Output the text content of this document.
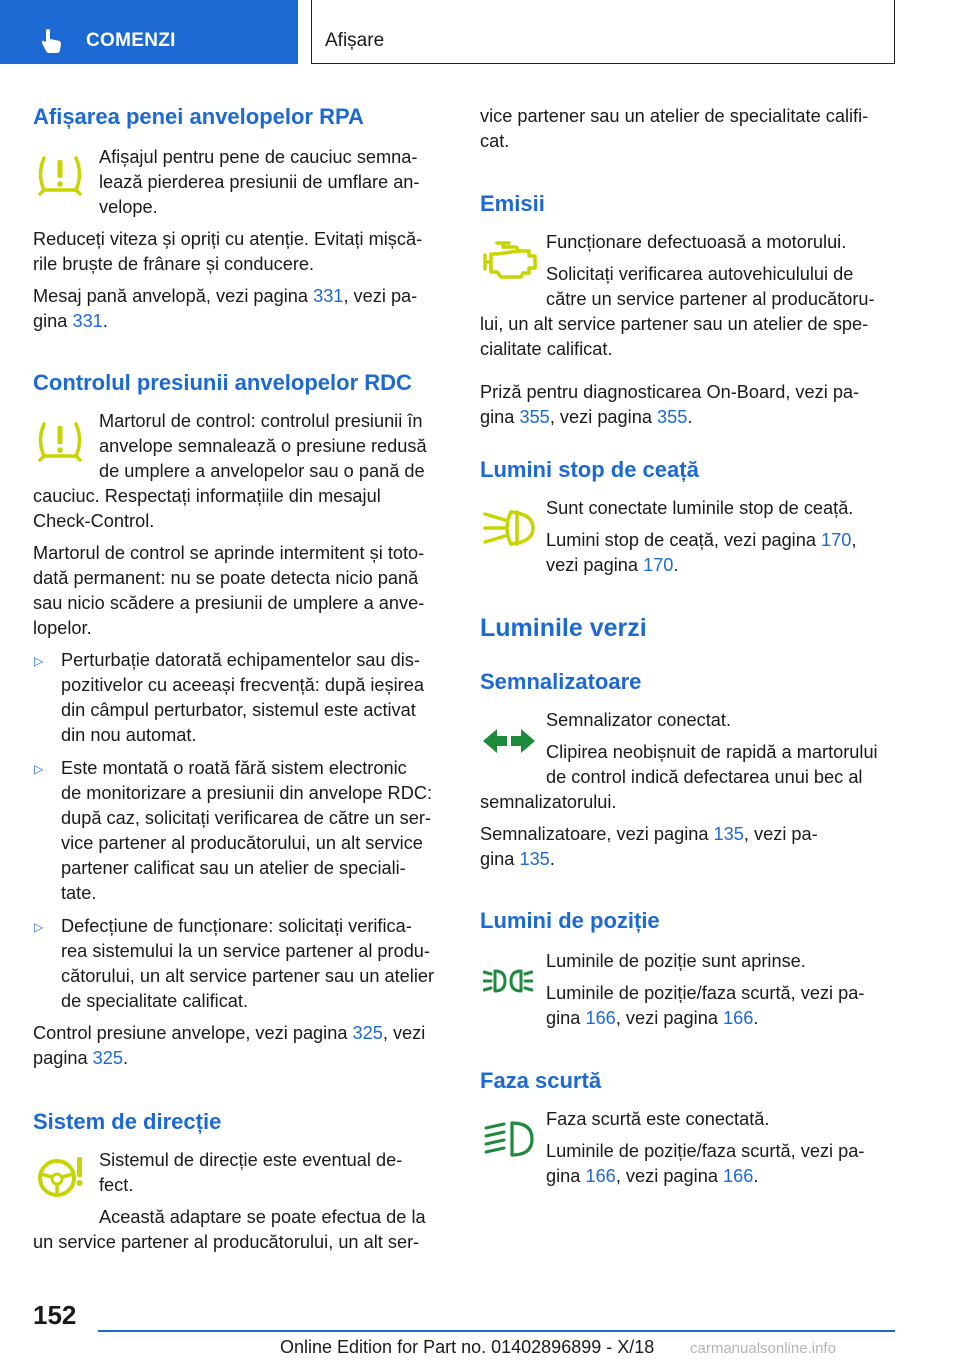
COMENZI	Afișare
Afișarea penei anvelopelor RPA
Afișajul pentru pene de cauciuc semna‐
lează pierderea presiunii de umflare an‐
velope.
Reduceți viteza și opriți cu atenție. Evitați mișcă‐
rile bruște de frânare și conducere.
Mesaj pană anvelopă, vezi pagina 331, vezi pa‐
gina 331.
Controlul presiunii anvelopelor RDC
Martorul de control: controlul presiunii în
anvelope semnalează o presiune redusă
de umplere a anvelopelor sau o pană de
cauciuc. Respectați informațiile din mesajul
Check-Control.
Martorul de control se aprinde intermitent și toto‐
dată permanent: nu se poate detecta nicio pană
sau nicio scădere a presiunii de umplere a anve‐
lopelor.
▷ Perturbație datorată echipamentelor sau dis‐
pozitivelor cu aceeași frecvență: după ieșirea
din câmpul perturbator, sistemul este activat
din nou automat.
▷ Este montată o roată fără sistem electronic
de monitorizare a presiunii din anvelope RDC:
după caz, solicitați verificarea de către un ser‐
vice partener al producătorului, un alt service
partener calificat sau un atelier de speciali‐
tate.
▷ Defecțiune de funcționare: solicitați verifica‐
rea sistemului la un service partener al produ‐
cătorului, un alt service partener sau un atelier
de specialitate calificat.
Control presiune anvelope, vezi pagina 325, vezi
pagina 325.
Sistem de direcție
Sistemul de direcție este eventual de‐
fect.
Această adaptare se poate efectua de la
un service partener al producătorului, un alt ser‐
vice partener sau un atelier de specialitate califi‐
cat.
Emisii
Funcționare defectuoasă a motorului.
Solicitați verificarea autovehiculului de
către un service partener al producătoru‐
lui, un alt service partener sau un atelier de spe‐
cialitate calificat.
Priză pentru diagnosticarea On-Board, vezi pa‐
gina 355, vezi pagina 355.
Lumini stop de ceață
Sunt conectate luminile stop de ceață.
Lumini stop de ceață, vezi pagina 170,
vezi pagina 170.
Luminile verzi
Semnalizatoare
Semnalizator conectat.
Clipirea neobișnuit de rapidă a martorului
de control indică defectarea unui bec al
semnalizatorului.
Semnalizatoare, vezi pagina 135, vezi pa‐
gina 135.
Lumini de poziție
Luminile de poziție sunt aprinse.
Luminile de poziție/faza scurtă, vezi pa‐
gina 166, vezi pagina 166.
Faza scurtă
Faza scurtă este conectată.
Luminile de poziție/faza scurtă, vezi pa‐
gina 166, vezi pagina 166.
152
Online Edition for Part no. 01402896899 - X/18 carmanualsonline.info
